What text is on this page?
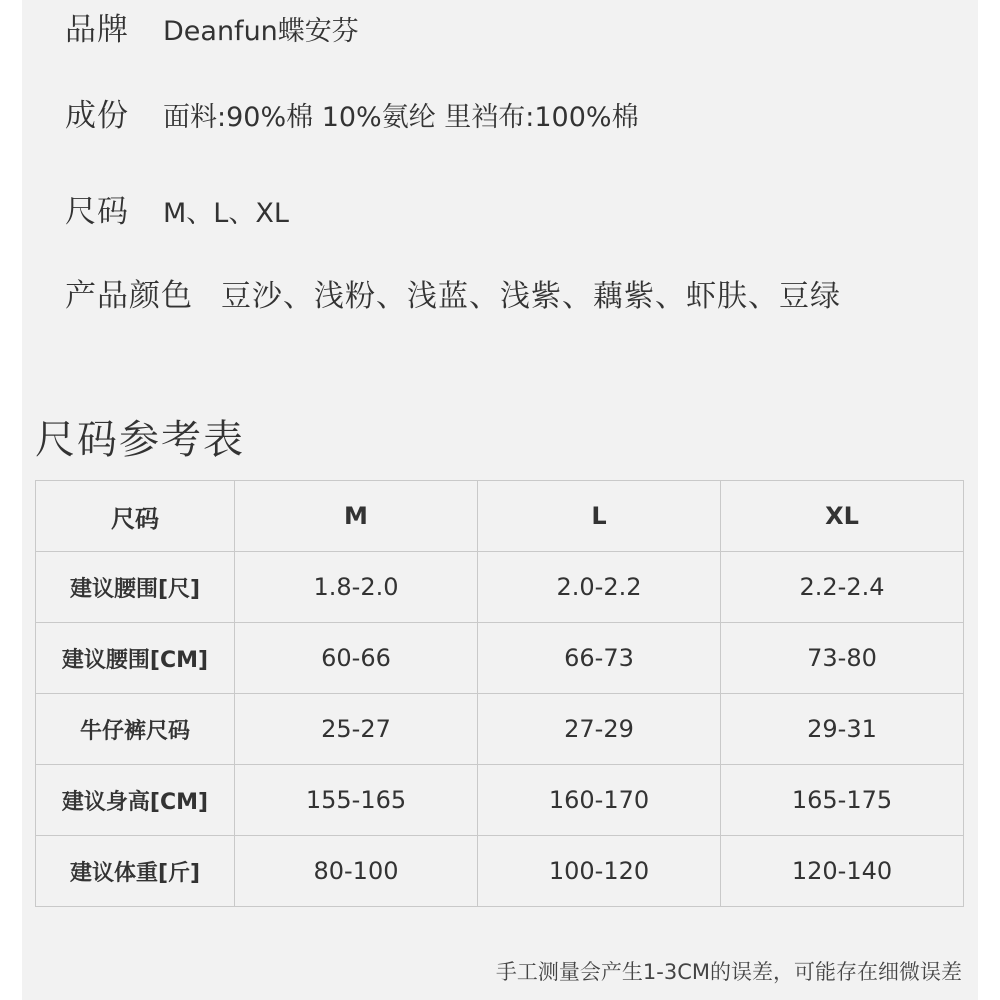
品牌 Deanfun蝶安芬
成份 面料:90%棉 10%氨纶 里裆布:100%棉
尺码 M、L、XL
产品颜色 豆沙、浅粉、浅蓝、浅紫、藕紫、虾肤、豆绿
尺码参考表
尺码	M	L	XL
建议腰围[尺]	1.8-2.0	2.0-2.2	2.2-2.4
建议腰围[CM]	60-66	66-73	73-80
牛仔裤尺码	25-27	27-29	29-31
建议身高[CM]	155-165	160-170	165-175
建议体重[斤]	80-100	100-120	120-140
手工测量会产生1-3CM的误差，可能存在细微误差
